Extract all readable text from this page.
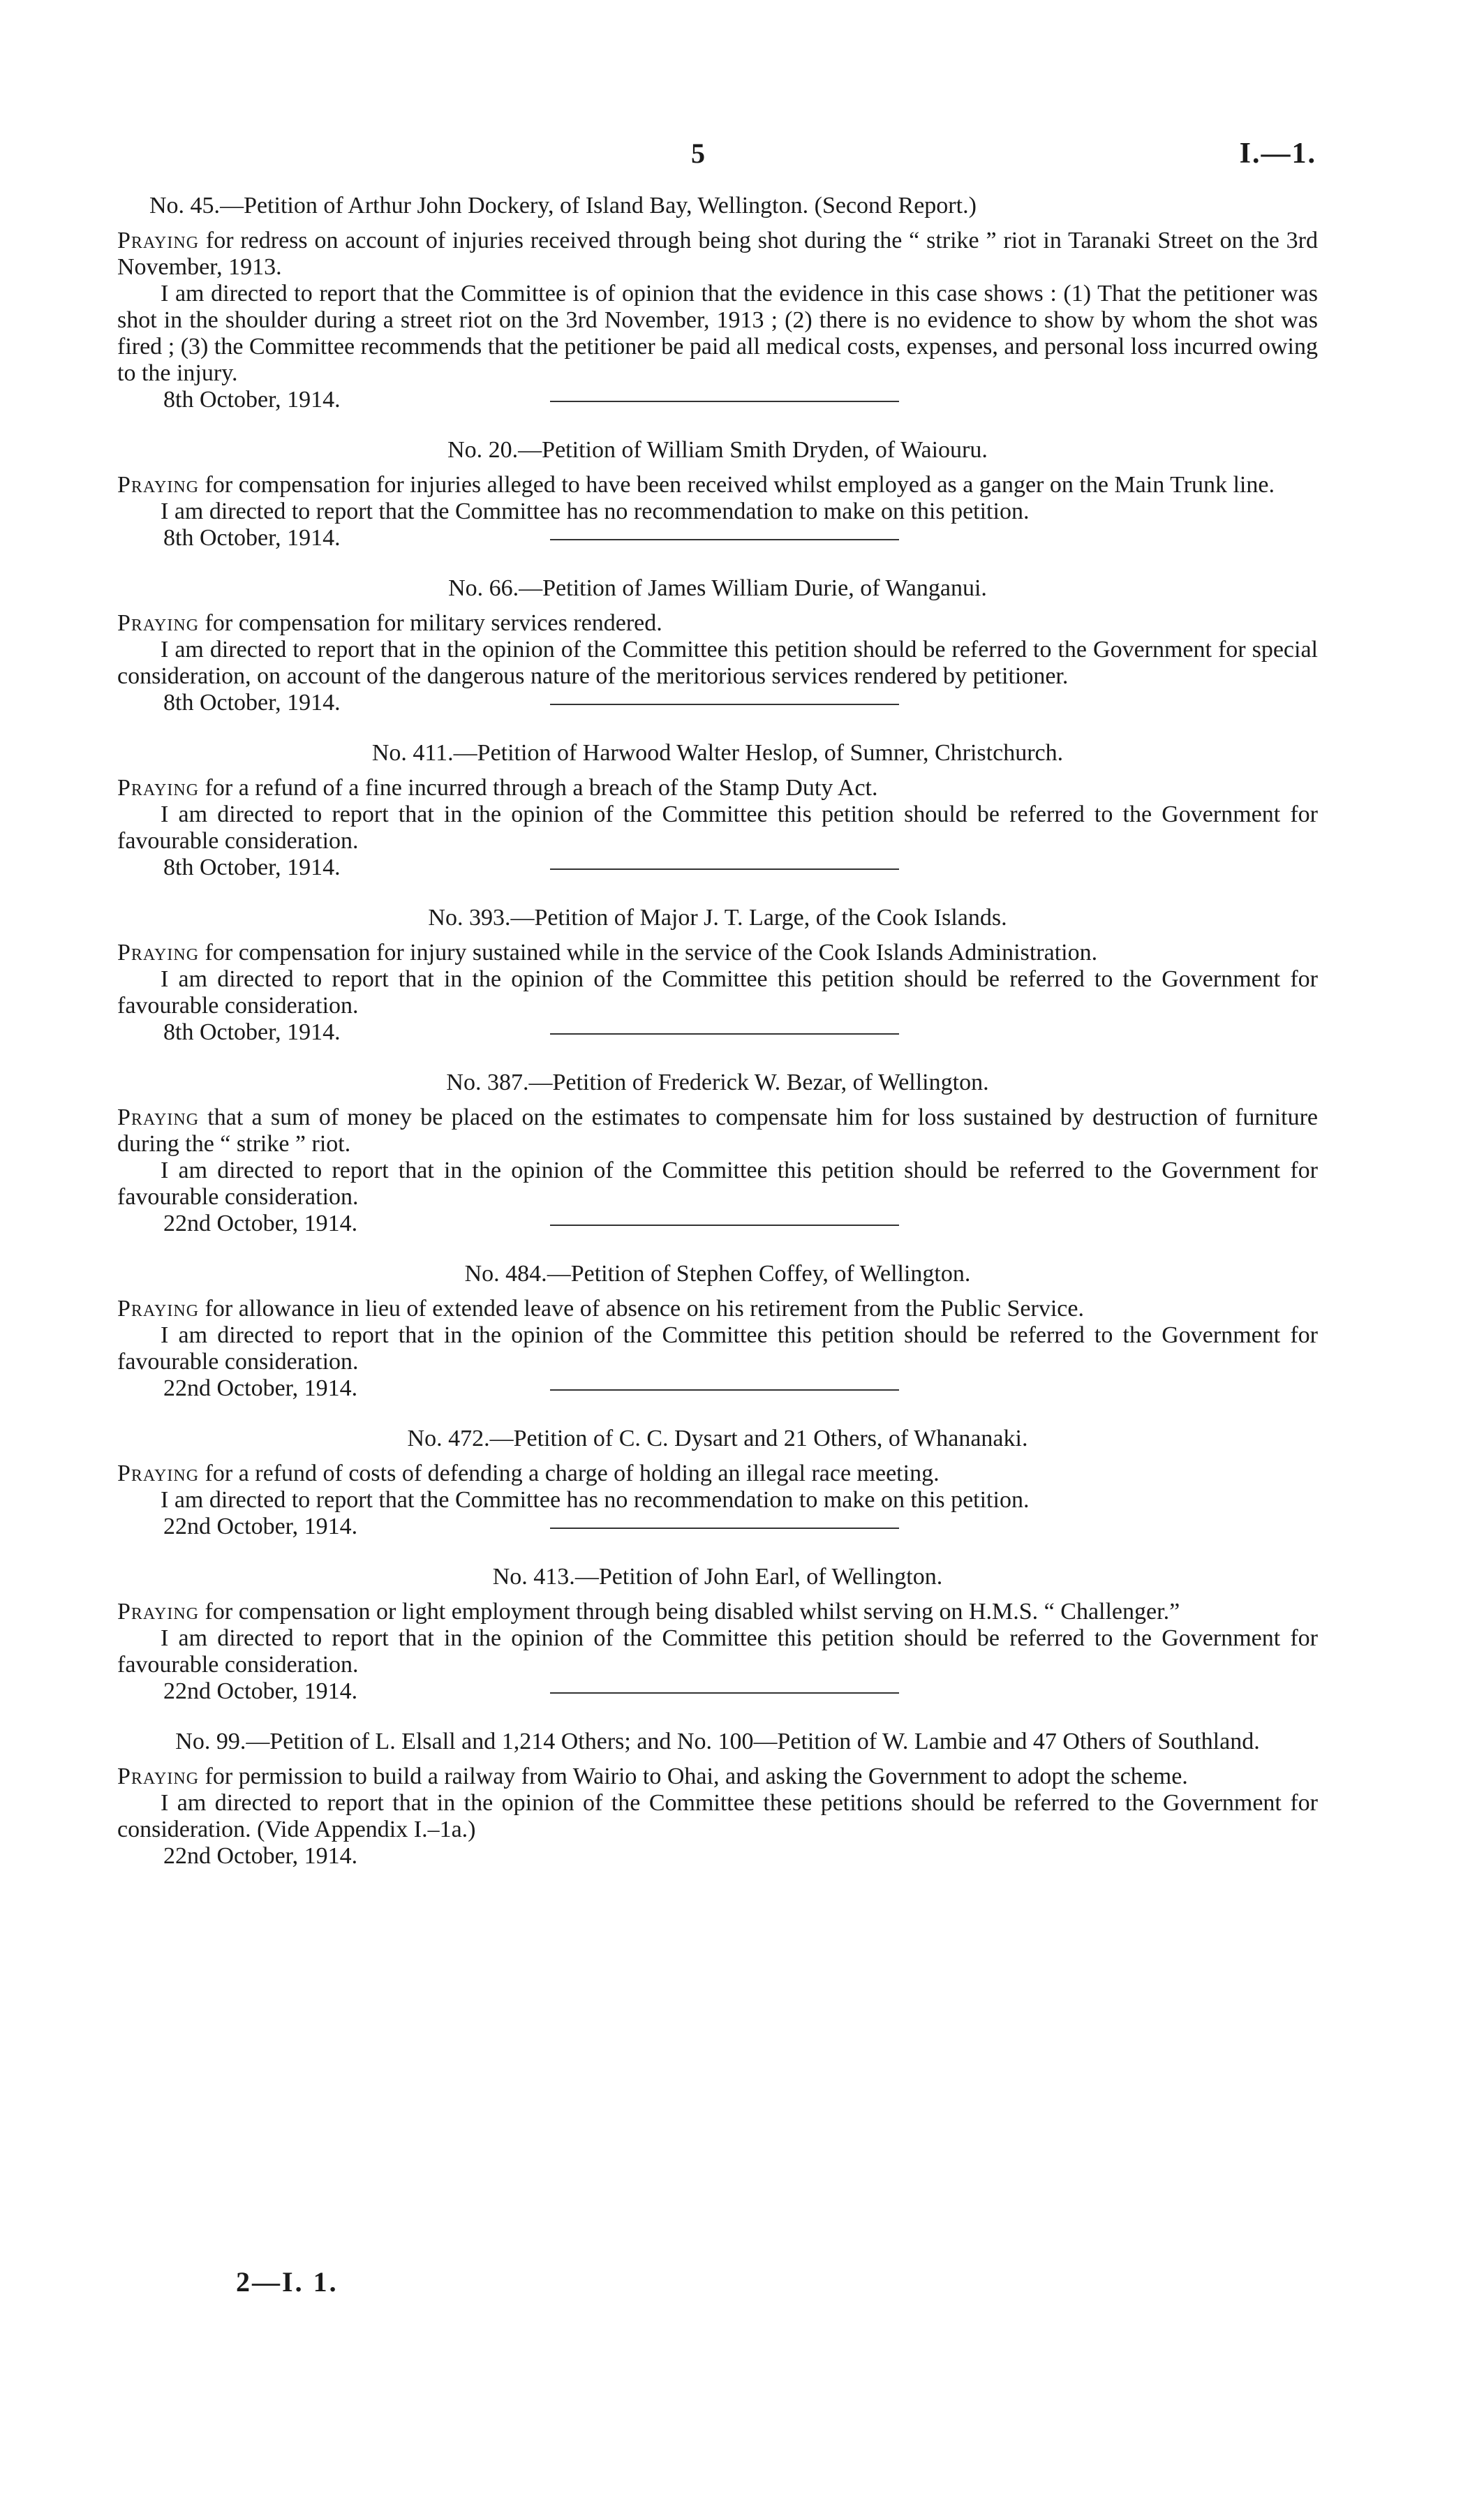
5	I.—1.

No. 45.—Petition of Arthur John Dockery, of Island Bay, Wellington. (Second Report.)

Praying for redress on account of injuries received through being shot during the “ strike ” riot in Taranaki Street on the 3rd November, 1913.

I am directed to report that the Committee is of opinion that the evidence in this case shows : (1) That the petitioner was shot in the shoulder during a street riot on the 3rd November, 1913 ; (2) there is no evidence to show by whom the shot was fired ; (3) the Committee recommends that the petitioner be paid all medical costs, expenses, and personal loss incurred owing to the injury.

8th October, 1914.

No. 20.—Petition of William Smith Dryden, of Waiouru.

Praying for compensation for injuries alleged to have been received whilst employed as a ganger on the Main Trunk line.

I am directed to report that the Committee has no recommendation to make on this petition.

8th October, 1914.

No. 66.—Petition of James William Durie, of Wanganui.

Praying for compensation for military services rendered.

I am directed to report that in the opinion of the Committee this petition should be referred to the Government for special consideration, on account of the dangerous nature of the meritorious services rendered by petitioner.

8th October, 1914.

No. 411.—Petition of Harwood Walter Heslop, of Sumner, Christchurch.

Praying for a refund of a fine incurred through a breach of the Stamp Duty Act.

I am directed to report that in the opinion of the Committee this petition should be referred to the Government for favourable consideration.

8th October, 1914.

No. 393.—Petition of Major J. T. Large, of the Cook Islands.

Praying for compensation for injury sustained while in the service of the Cook Islands Administration.

I am directed to report that in the opinion of the Committee this petition should be referred to the Government for favourable consideration.

8th October, 1914.

No. 387.—Petition of Frederick W. Bezar, of Wellington.

Praying that a sum of money be placed on the estimates to compensate him for loss sustained by destruction of furniture during the “ strike ” riot.

I am directed to report that in the opinion of the Committee this petition should be referred to the Government for favourable consideration.

22nd October, 1914.

No. 484.—Petition of Stephen Coffey, of Wellington.

Praying for allowance in lieu of extended leave of absence on his retirement from the Public Service.

I am directed to report that in the opinion of the Committee this petition should be referred to the Government for favourable consideration.

22nd October, 1914.

No. 472.—Petition of C. C. Dysart and 21 Others, of Whananaki.

Praying for a refund of costs of defending a charge of holding an illegal race meeting.

I am directed to report that the Committee has no recommendation to make on this petition.

22nd October, 1914.

No. 413.—Petition of John Earl, of Wellington.

Praying for compensation or light employment through being disabled whilst serving on H.M.S. “ Challenger.”

I am directed to report that in the opinion of the Committee this petition should be referred to the Government for favourable consideration.

22nd October, 1914.

No. 99.—Petition of L. Elsall and 1,214 Others; and No. 100—Petition of W. Lambie and 47 Others of Southland.

Praying for permission to build a railway from Wairio to Ohai, and asking the Government to adopt the scheme.

I am directed to report that in the opinion of the Committee these petitions should be referred to the Government for consideration. (Vide Appendix I.–1a.)

22nd October, 1914.

2—I. 1.
